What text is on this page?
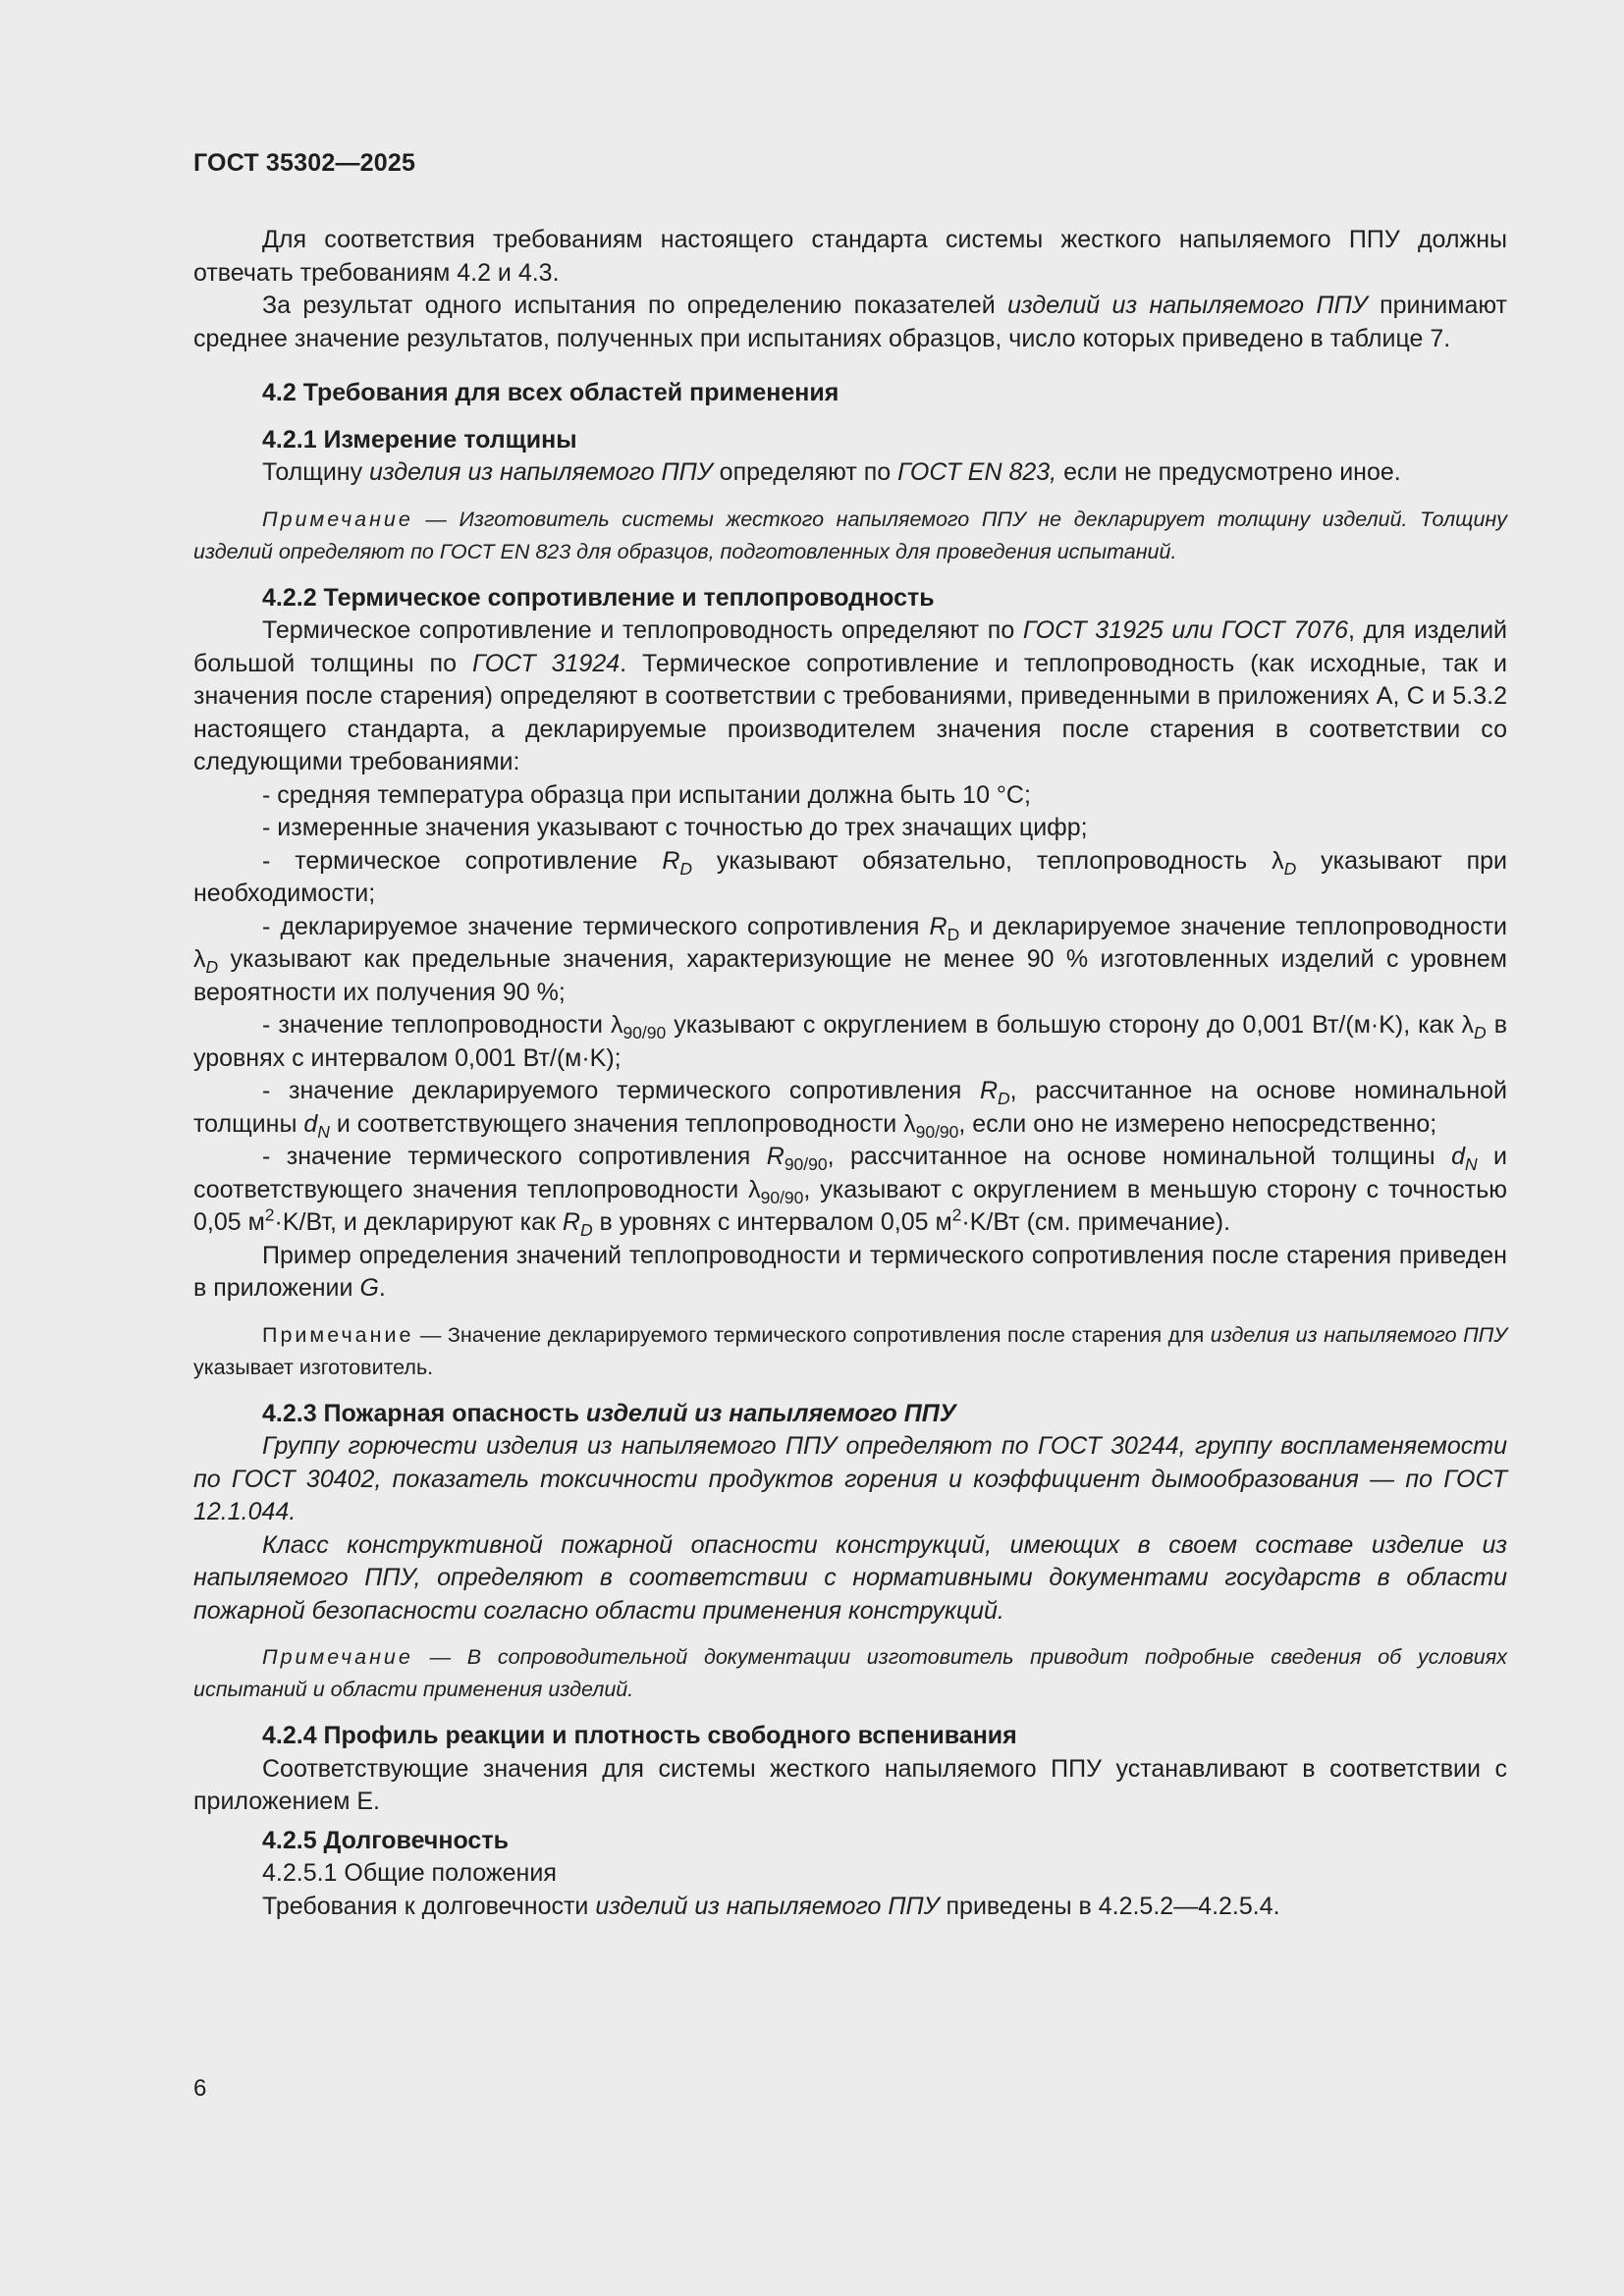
ГОСТ 35302—2025

Для соответствия требованиям настоящего стандарта системы жесткого напыляемого ППУ должны отвечать требованиям 4.2 и 4.3.

За результат одного испытания по определению показателей изделий из напыляемого ППУ принимают среднее значение результатов, полученных при испытаниях образцов, число которых приведено в таблице 7.

4.2 Требования для всех областей применения

4.2.1 Измерение толщины

Толщину изделия из напыляемого ППУ определяют по ГОСТ EN 823, если не предусмотрено иное.

Примечание — Изготовитель системы жесткого напыляемого ППУ не декларирует толщину изделий. Толщину изделий определяют по ГОСТ EN 823 для образцов, подготовленных для проведения испытаний.

4.2.2 Термическое сопротивление и теплопроводность

Термическое сопротивление и теплопроводность определяют по ГОСТ 31925 или ГОСТ 7076, для изделий большой толщины по ГОСТ 31924. Термическое сопротивление и теплопроводность (как исходные, так и значения после старения) определяют в соответствии с требованиями, приведенными в приложениях А, С и 5.3.2 настоящего стандарта, а декларируемые производителем значения после старения в соответствии со следующими требованиями:

- средняя температура образца при испытании должна быть 10 °C;

- измеренные значения указывают с точностью до трех значащих цифр;

- термическое сопротивление $R_D$ указывают обязательно, теплопроводность $\lambda_D$ указывают при необходимости;

- декларируемое значение термического сопротивления $R_D$ и декларируемое значение теплопроводности $\lambda_D$ указывают как предельные значения, характеризующие не менее 90 % изготовленных изделий с уровнем вероятности их получения 90 %;

- значение теплопроводности $\lambda_{90/90}$ указывают с округлением в большую сторону до 0,001 Вт/(м·K), как $\lambda_D$ в уровнях с интервалом 0,001 Вт/(м·K);

- значение декларируемого термического сопротивления $R_D$, рассчитанное на основе номинальной толщины $d_N$ и соответствующего значения теплопроводности $\lambda_{90/90}$, если оно не измерено непосредственно;

- значение термического сопротивления $R_{90/90}$, рассчитанное на основе номинальной толщины $d_N$ и соответствующего значения теплопроводности $\lambda_{90/90}$, указывают с округлением в меньшую сторону с точностью 0,05 $м^2\cdot K/Вт$, и декларируют как $R_D$ в уровнях с интервалом 0,05 $м^2\cdot K/Вт$ (см. примечание).

Пример определения значений теплопроводности и термического сопротивления после старения приведен в приложении G.

Примечание — Значение декларируемого термического сопротивления после старения для изделия из напыляемого ППУ указывает изготовитель.

4.2.3 Пожарная опасность изделий из напыляемого ППУ

Группу горючести изделия из напыляемого ППУ определяют по ГОСТ 30244, группу воспламеняемости по ГОСТ 30402, показатель токсичности продуктов горения и коэффициент дымообразования — по ГОСТ 12.1.044.

Класс конструктивной пожарной опасности конструкций, имеющих в своем составе изделие из напыляемого ППУ, определяют в соответствии с нормативными документами государств в области пожарной безопасности согласно области применения конструкций.

Примечание — В сопроводительной документации изготовитель приводит подробные сведения об условиях испытаний и области применения изделий.

4.2.4 Профиль реакции и плотность свободного вспенивания

Соответствующие значения для системы жесткого напыляемого ППУ устанавливают в соответствии с приложением Е.

4.2.5 Долговечность

4.2.5.1 Общие положения

Требования к долговечности изделий из напыляемого ППУ приведены в 4.2.5.2—4.2.5.4.

6
